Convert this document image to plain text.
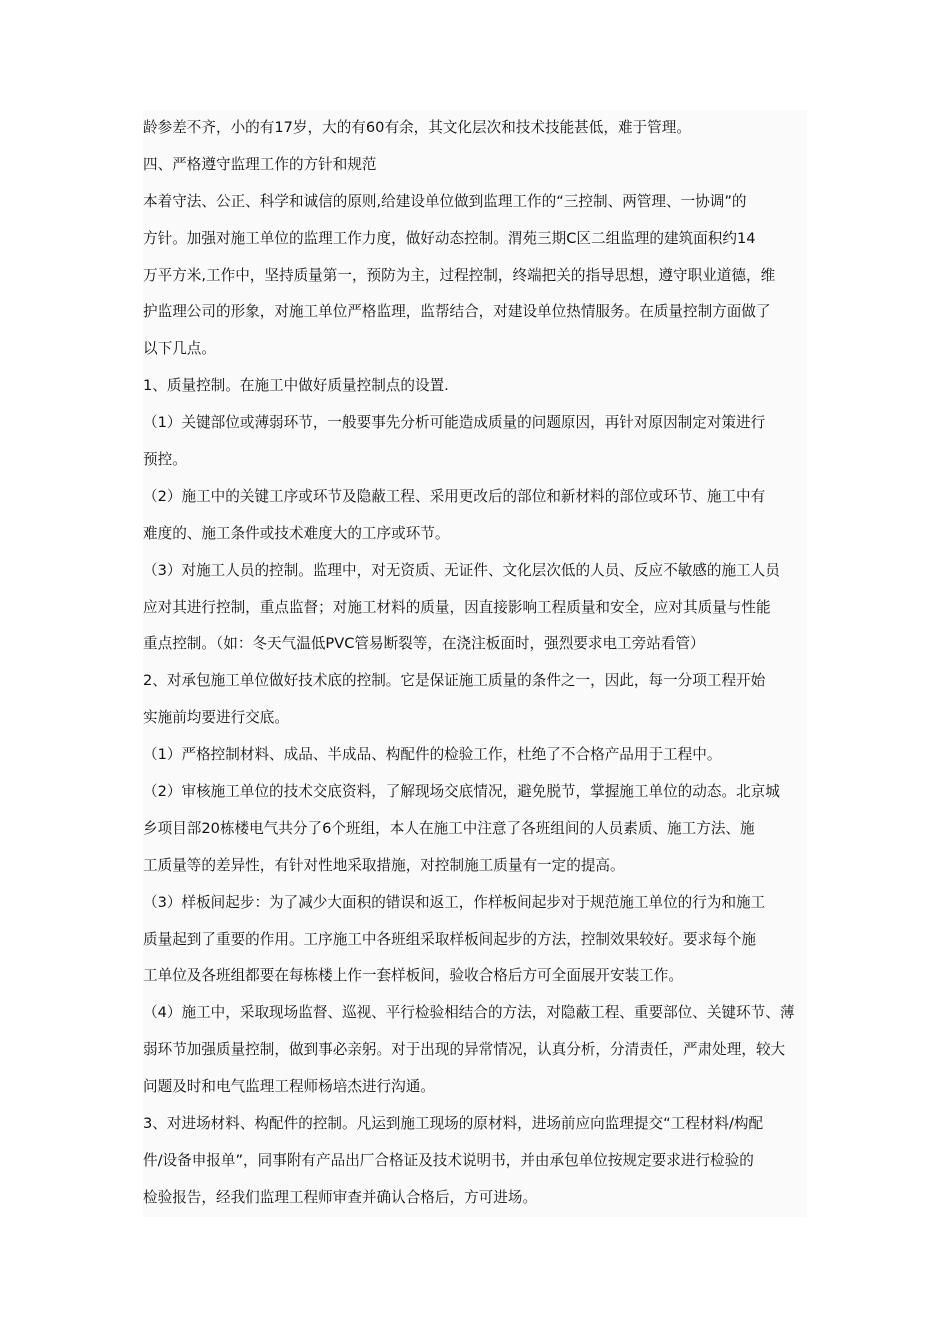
龄参差不齐，小的有17岁，大的有60有余，其文化层次和技术技能甚低，难于管理。
四、严格遵守监理工作的方针和规范
本着守法、公正、科学和诚信的原则,给建设单位做到监理工作的“三控制、两管理、一协调”的
方针。加强对施工单位的监理工作力度，做好动态控制。渭苑三期C区二组监理的建筑面积约14
万平方米,工作中，坚持质量第一，预防为主，过程控制，终端把关的指导思想，遵守职业道德，维
护监理公司的形象，对施工单位严格监理，监帮结合，对建设单位热情服务。在质量控制方面做了
以下几点。
1、质量控制。在施工中做好质量控制点的设置.
（1）关键部位或薄弱环节，一般要事先分析可能造成质量的问题原因，再针对原因制定对策进行
预控。
（2）施工中的关键工序或环节及隐蔽工程、采用更改后的部位和新材料的部位或环节、施工中有
难度的、施工条件或技术难度大的工序或环节。
（3）对施工人员的控制。监理中，对无资质、无证件、文化层次低的人员、反应不敏感的施工人员
应对其进行控制，重点监督；对施工材料的质量，因直接影响工程质量和安全，应对其质量与性能
重点控制。（如：冬天气温低PVC管易断裂等，在浇注板面时，强烈要求电工旁站看管）
2、对承包施工单位做好技术底的控制。它是保证施工质量的条件之一，因此，每一分项工程开始
实施前均要进行交底。
（1）严格控制材料、成品、半成品、构配件的检验工作，杜绝了不合格产品用于工程中。
（2）审核施工单位的技术交底资料，了解现场交底情况，避免脱节，掌握施工单位的动态。北京城
乡项目部20栋楼电气共分了6个班组，本人在施工中注意了各班组间的人员素质、施工方法、施
工质量等的差异性，有针对性地采取措施，对控制施工质量有一定的提高。
（3）样板间起步：为了减少大面积的错误和返工，作样板间起步对于规范施工单位的行为和施工
质量起到了重要的作用。工序施工中各班组采取样板间起步的方法，控制效果较好。要求每个施
工单位及各班组都要在每栋楼上作一套样板间，验收合格后方可全面展开安装工作。
（4）施工中，采取现场监督、巡视、平行检验相结合的方法，对隐蔽工程、重要部位、关键环节、薄
弱环节加强质量控制，做到事必亲躬。对于出现的异常情况，认真分析，分清责任，严肃处理，较大
问题及时和电气监理工程师杨培杰进行沟通。
3、对进场材料、构配件的控制。凡运到施工现场的原材料，进场前应向监理提交“工程材料/构配
件/设备申报单”，同事附有产品出厂合格证及技术说明书，并由承包单位按规定要求进行检验的
检验报告，经我们监理工程师审查并确认合格后，方可进场。
